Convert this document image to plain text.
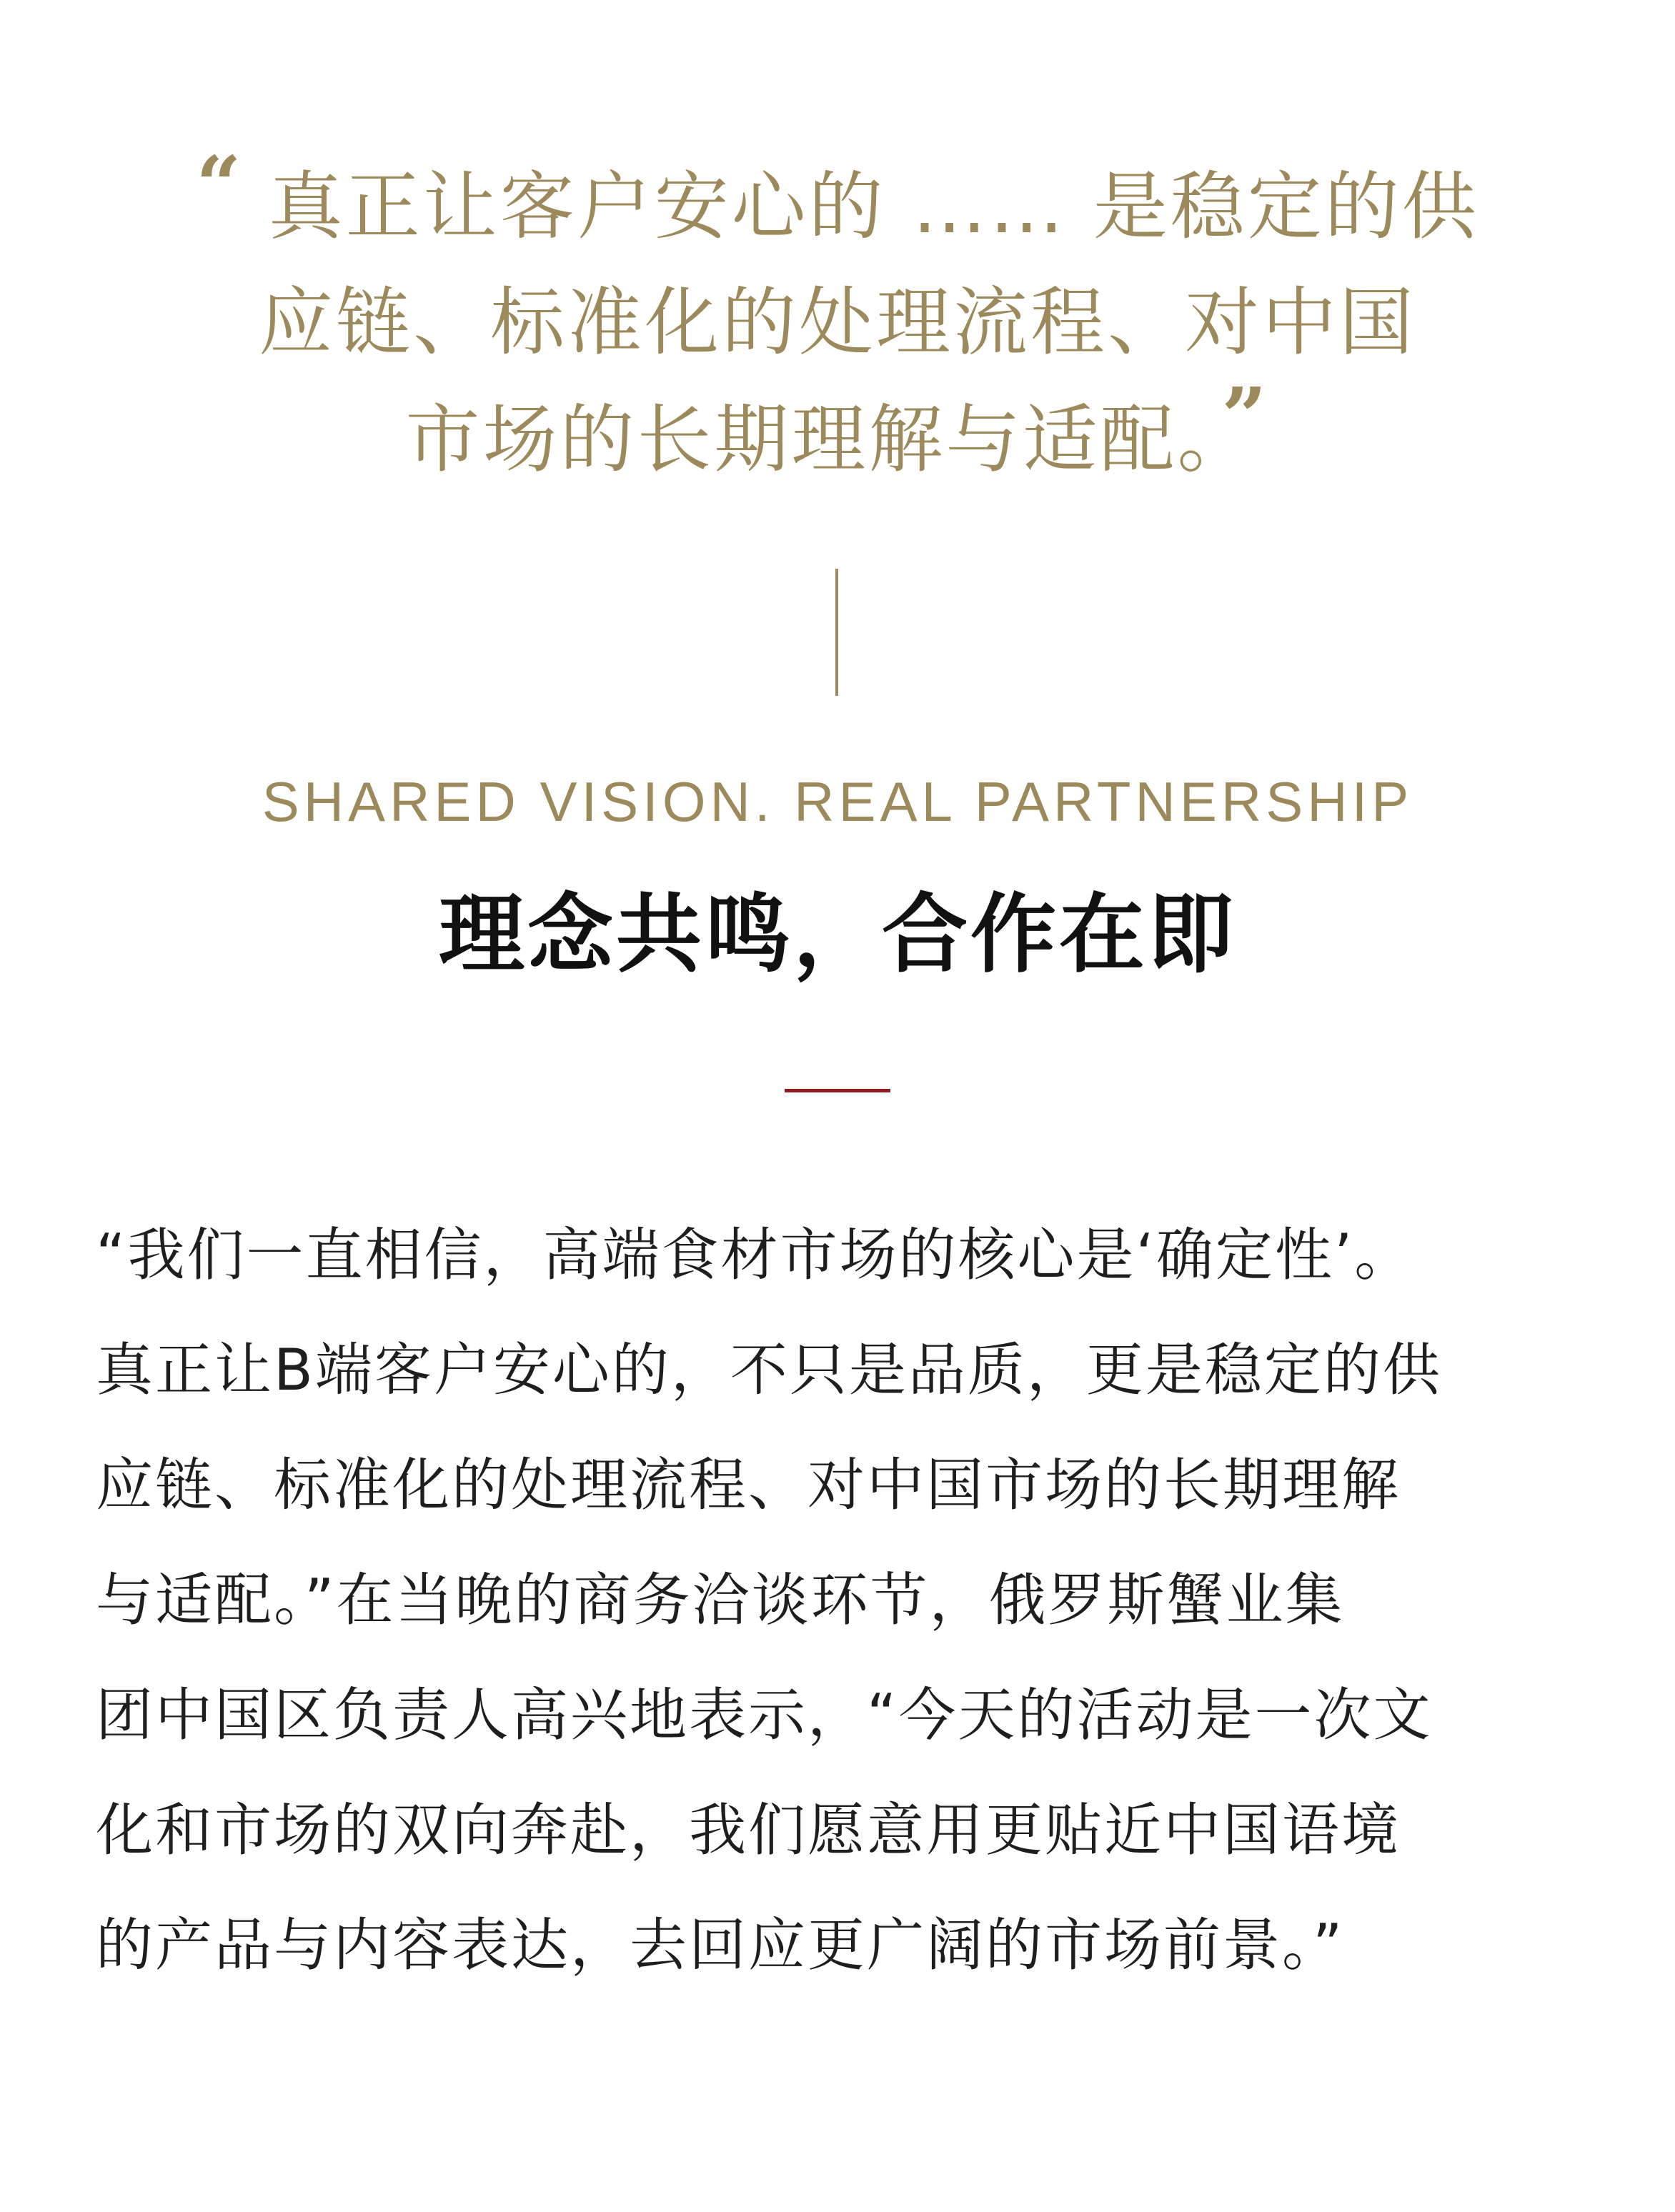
“ 真正让客户安心的 …… 是稳定的供
应链、标准化的处理流程、对中国
市场的长期理解与适配。”
SHARED VISION. REAL PARTNERSHIP
理念共鸣，合作在即
“我们一直相信，高端食材市场的核心是‘确定性’。
真正让B端客户安心的，不只是品质，更是稳定的供
应链、标准化的处理流程、对中国市场的长期理解
与适配。”在当晚的商务洽谈环节，俄罗斯蟹业集
团中国区负责人高兴地表示，“今天的活动是一次文
化和市场的双向奔赴，我们愿意用更贴近中国语境
的产品与内容表达，去回应更广阔的市场前景。”
